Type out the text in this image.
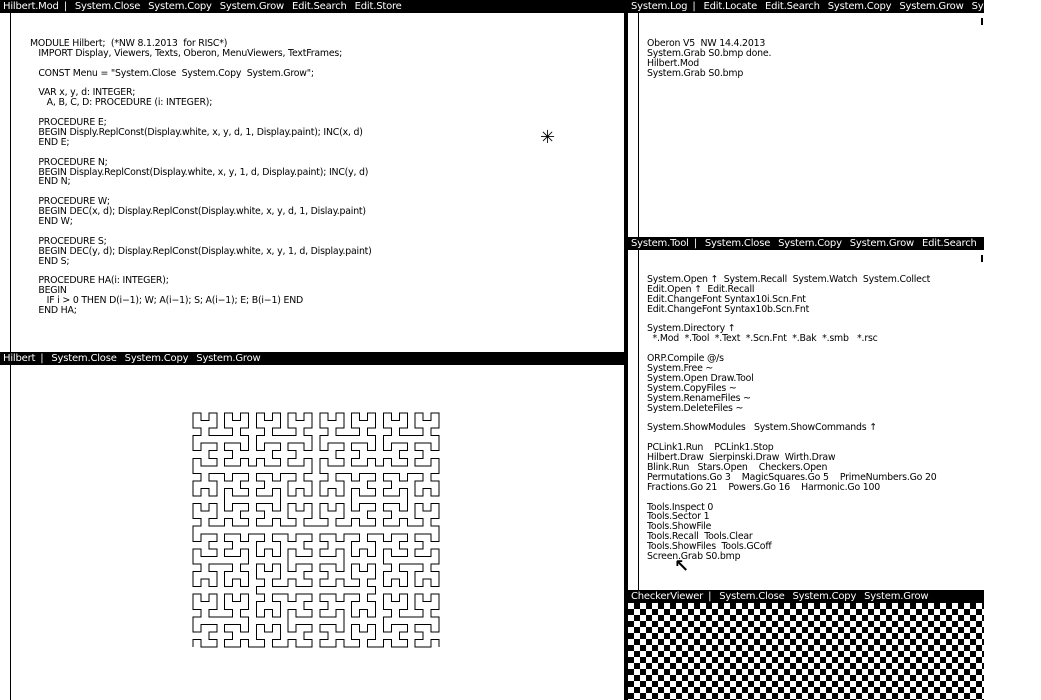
Hilbert.Mod | System.Close System.Copy System.Grow Edit.Search Edit.Store

MODULE Hilbert;  (*NW 8.1.2013  for RISC*)
IMPORT Display, Viewers, Texts, Oberon, MenuViewers, TextFrames;
CONST Menu = "System.Close  System.Copy  System.Grow";
VAR x, y, d: INTEGER;
A, B, C, D: PROCEDURE (i: INTEGER);
PROCEDURE E;
BEGIN Disply.ReplConst(Display.white, x, y, d, 1, Display.paint); INC(x, d)
END E;
PROCEDURE N;
BEGIN Display.ReplConst(Display.white, x, y, 1, d, Display.paint); INC(y, d)
END N;
PROCEDURE W;
BEGIN DEC(x, d); Display.ReplConst(Display.white, x, y, d, 1, Dislay.paint)
END W;
PROCEDURE S;
BEGIN DEC(y, d); Display.ReplConst(Display.white, x, y, 1, d, Display.paint)
END S;
PROCEDURE HA(i: INTEGER);
BEGIN
IF i > 0 THEN D(i−1); W; A(i−1); S; A(i−1); E; B(i−1) END
END HA;

✳
Hilbert | System.Close System.Copy System.Grow
System.Log | Edit.Locate Edit.Search System.Copy System.Grow System.Clear

Oberon V5  NW 14.4.2013
System.Grab S0.bmp done.
Hilbert.Mod
System.Grab S0.bmp

System.Tool | System.Close System.Copy System.Grow Edit.Search Edit.Store

System.Open ↑  System.Recall  System.Watch  System.Collect
Edit.Open ↑  Edit.Recall
Edit.ChangeFont Syntax10i.Scn.Fnt
Edit.ChangeFont Syntax10b.Scn.Fnt
System.Directory ↑
*.Mod  *.Tool  *.Text  *.Scn.Fnt  *.Bak  *.smb   *.rsc
ORP.Compile @/s
System.Free ~
System.Open Draw.Tool
System.CopyFiles ~
System.RenameFiles ~
System.DeleteFiles ~
System.ShowModules   System.ShowCommands ↑
PCLink1.Run    PCLink1.Stop
Hilbert.Draw  Sierpinski.Draw  Wirth.Draw
Blink.Run   Stars.Open    Checkers.Open
Permutations.Go 3    MagicSquares.Go 5    PrimeNumbers.Go 20
Fractions.Go 21    Powers.Go 16    Harmonic.Go 100
Tools.Inspect 0
Tools.Sector 1
Tools.ShowFile
Tools.Recall  Tools.Clear
Tools.ShowFiles  Tools.GCoff
Screen.Grab S0.bmp

↖
CheckerViewer | System.Close System.Copy System.Grow
